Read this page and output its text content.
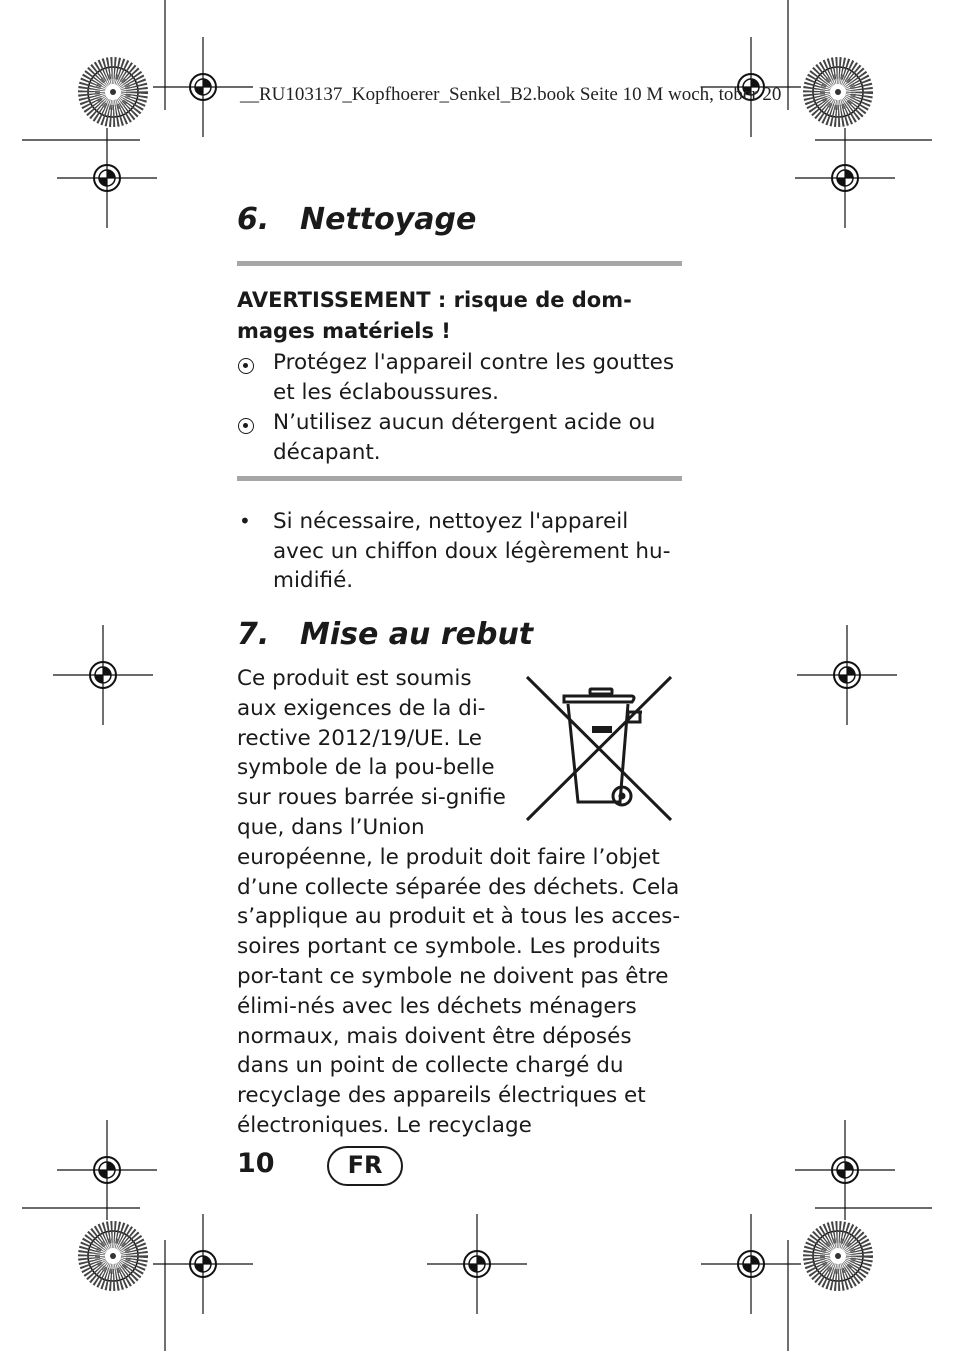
__RU103137_Kopfhoerer_Senkel_B2.book Seite 10 M woch, tober 20
6. Nettoyage
AVERTISSEMENT : risque de dom-mages matériels !
Protégez l'appareil contre les gouttes et les éclaboussures.
N’utilisez aucun détergent acide ou décapant.
•	Si nécessaire, nettoyez l'appareil avec un chiffon doux légèrement hu-midifié.
7. Mise au rebut
Ce produit est soumis aux exigences de la di-rective 2012/19/UE. Le symbole de la pou-belle sur roues barrée si-gnifie que, dans l’Union
européenne, le produit doit faire l’objet d’une collecte séparée des déchets. Cela s’applique au produit et à tous les acces-soires portant ce symbole. Les produits por-tant ce symbole ne doivent pas être élimi-nés avec les déchets ménagers normaux, mais doivent être déposés dans un point de collecte chargé du recyclage des appareils électriques et électroniques. Le recyclage
10	FR
